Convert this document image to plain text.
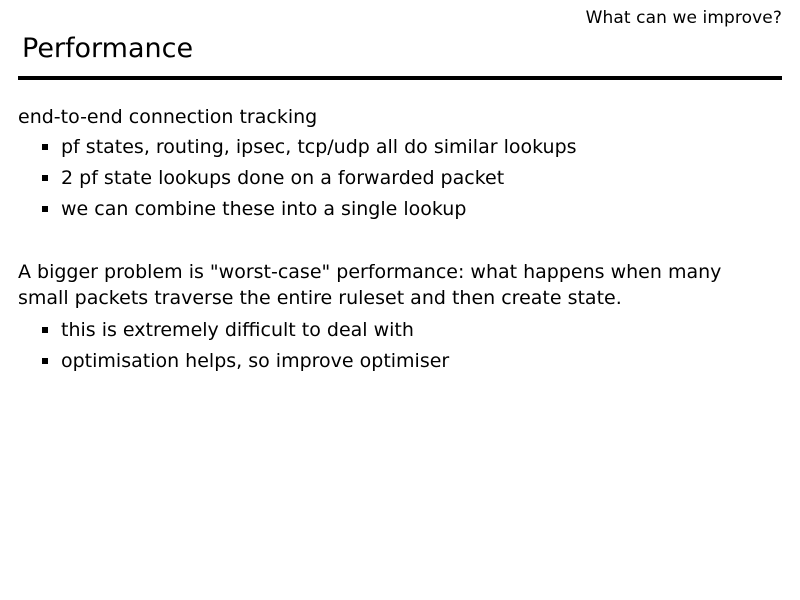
What can we improve?
Performance

end-to-end connection tracking

pf states, routing, ipsec, tcp/udp all do similar lookups
2 pf state lookups done on a forwarded packet
we can combine these into a single lookup

A bigger problem is "worst-case" performance: what happens when many small packets traverse the entire ruleset and then create state.

this is extremely difficult to deal with
optimisation helps, so improve optimiser
